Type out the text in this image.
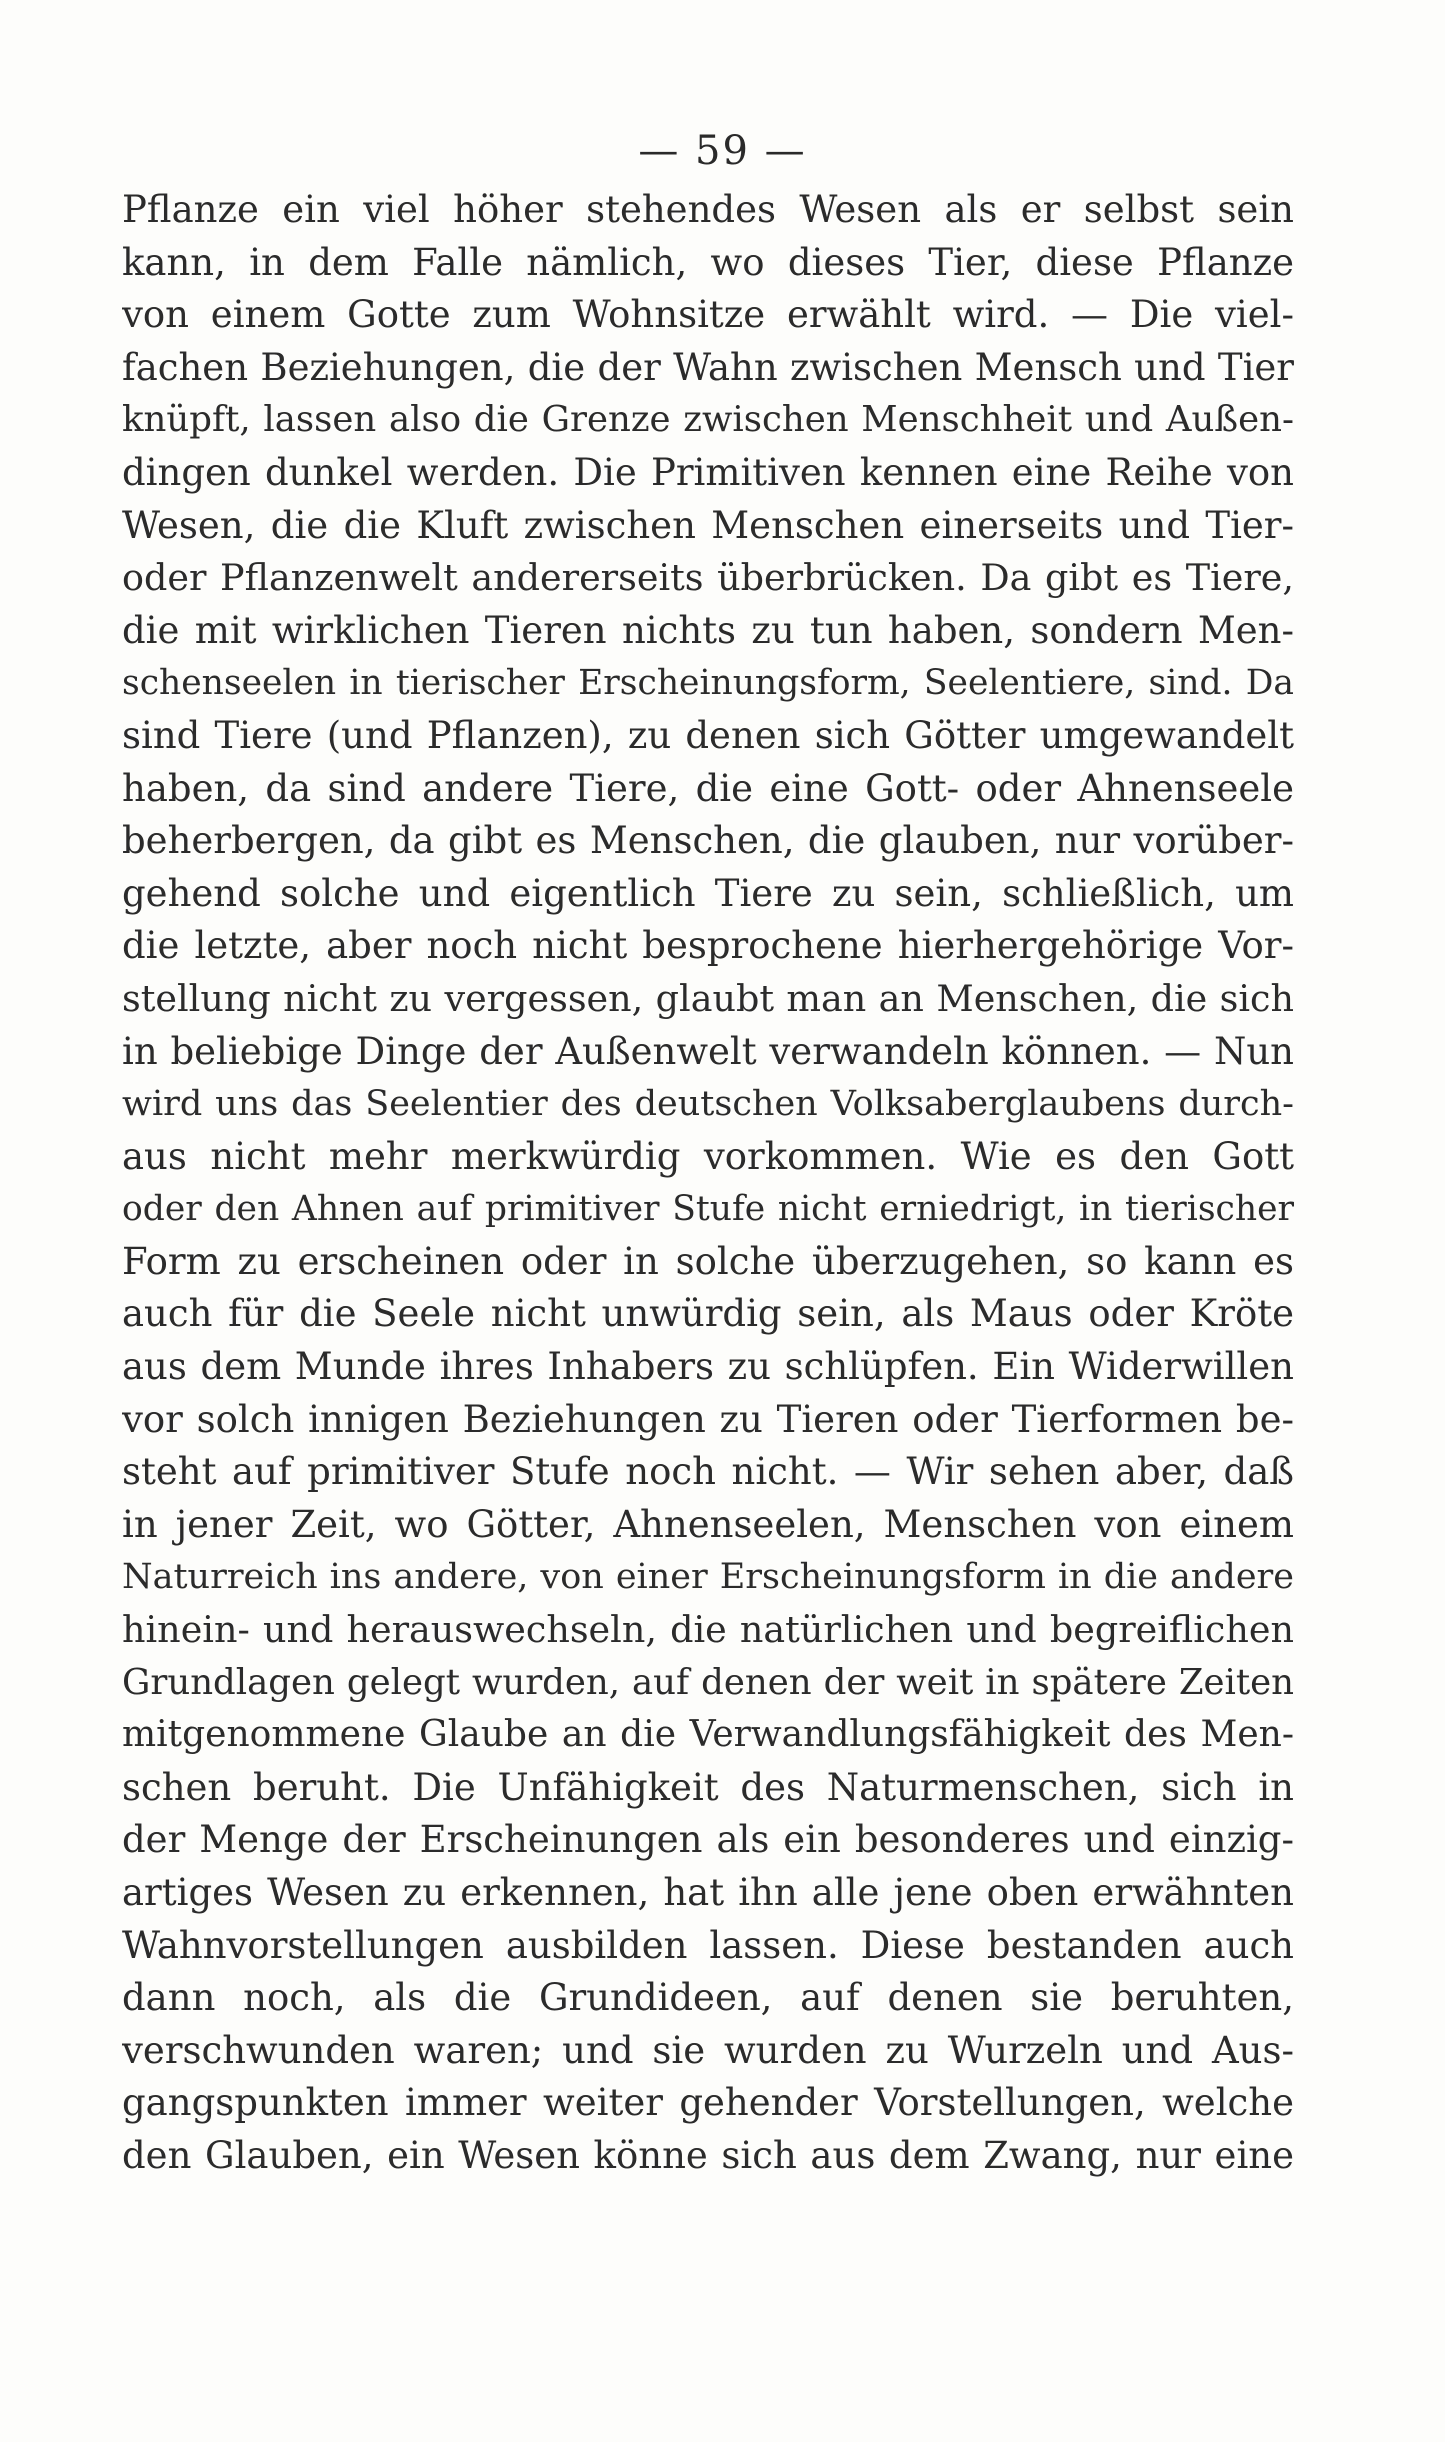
— 59 —
Pflanze ein viel höher stehendes Wesen als er selbst sein
kann, in dem Falle nämlich, wo dieses Tier, diese Pflanze
von einem Gotte zum Wohnsitze erwählt wird. — Die viel-
fachen Beziehungen, die der Wahn zwischen Mensch und Tier
knüpft, lassen also die Grenze zwischen Menschheit und Außen-
dingen dunkel werden. Die Primitiven kennen eine Reihe von
Wesen, die die Kluft zwischen Menschen einerseits und Tier-
oder Pflanzenwelt andererseits überbrücken. Da gibt es Tiere,
die mit wirklichen Tieren nichts zu tun haben, sondern Men-
schenseelen in tierischer Erscheinungsform, Seelentiere, sind. Da
sind Tiere (und Pflanzen), zu denen sich Götter umgewandelt
haben, da sind andere Tiere, die eine Gott- oder Ahnenseele
beherbergen, da gibt es Menschen, die glauben, nur vorüber-
gehend solche und eigentlich Tiere zu sein, schließlich, um
die letzte, aber noch nicht besprochene hierhergehörige Vor-
stellung nicht zu vergessen, glaubt man an Menschen, die sich
in beliebige Dinge der Außenwelt verwandeln können. — Nun
wird uns das Seelentier des deutschen Volksaberglaubens durch-
aus nicht mehr merkwürdig vorkommen. Wie es den Gott
oder den Ahnen auf primitiver Stufe nicht erniedrigt, in tierischer
Form zu erscheinen oder in solche überzugehen, so kann es
auch für die Seele nicht unwürdig sein, als Maus oder Kröte
aus dem Munde ihres Inhabers zu schlüpfen. Ein Widerwillen
vor solch innigen Beziehungen zu Tieren oder Tierformen be-
steht auf primitiver Stufe noch nicht. — Wir sehen aber, daß
in jener Zeit, wo Götter, Ahnenseelen, Menschen von einem
Naturreich ins andere, von einer Erscheinungsform in die andere
hinein- und herauswechseln, die natürlichen und begreiflichen
Grundlagen gelegt wurden, auf denen der weit in spätere Zeiten
mitgenommene Glaube an die Verwandlungsfähigkeit des Men-
schen beruht. Die Unfähigkeit des Naturmenschen, sich in
der Menge der Erscheinungen als ein besonderes und einzig-
artiges Wesen zu erkennen, hat ihn alle jene oben erwähnten
Wahnvorstellungen ausbilden lassen. Diese bestanden auch
dann noch, als die Grundideen, auf denen sie beruhten,
verschwunden waren; und sie wurden zu Wurzeln und Aus-
gangspunkten immer weiter gehender Vorstellungen, welche
den Glauben, ein Wesen könne sich aus dem Zwang, nur eine
